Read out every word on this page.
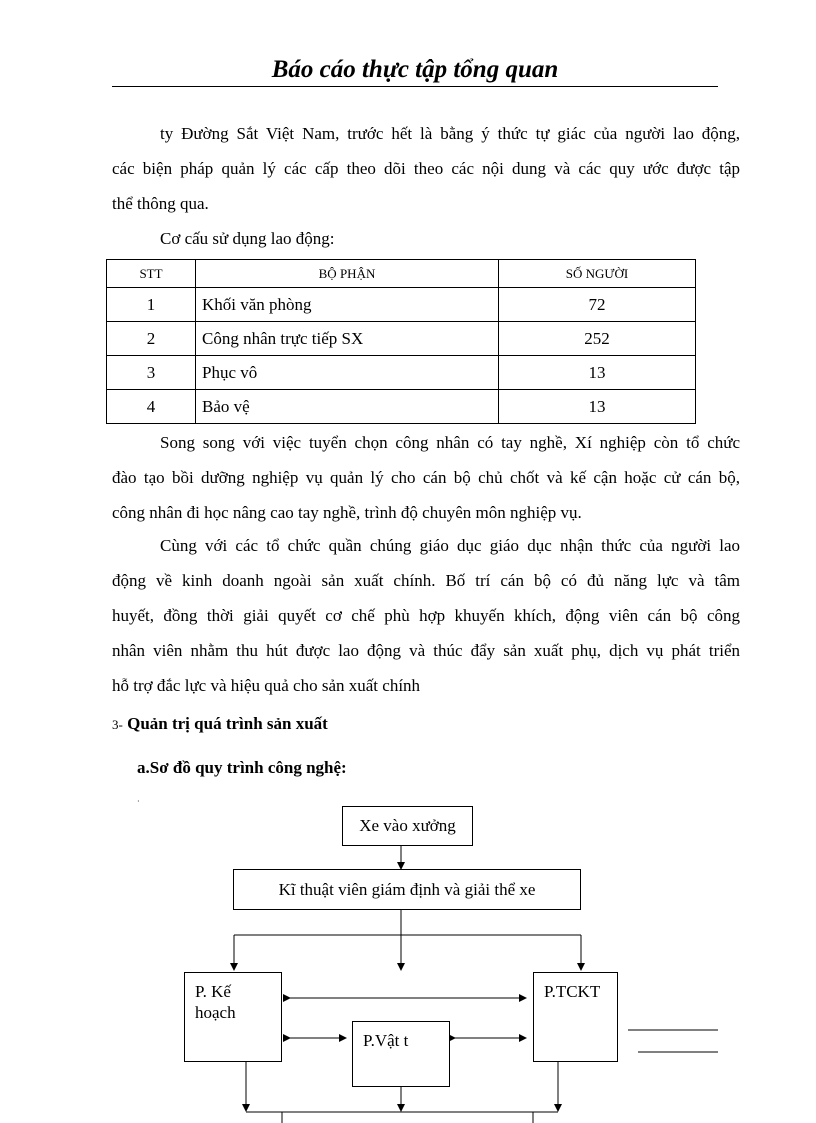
Báo cáo thực tập tổng quan
ty Đường Sắt Việt Nam, trước hết là bằng ý thức tự giác của người lao động,
các biện pháp quản lý các cấp theo dõi theo các nội dung và các quy ước được tập
thể thông qua.
Cơ cấu sử dụng lao động:
STT	BỘ PHẬN	SỐ NGƯỜI
1	Khối văn phòng	72
2	Công nhân trực tiếp SX	252
3	Phục vô	13
4	Bảo vệ	13
Song song với việc tuyển chọn công nhân có tay nghề, Xí nghiệp còn tổ chức
đào tạo bồi dưỡng nghiệp vụ quản lý cho cán bộ chủ chốt và kế cận hoặc cử cán bộ,
công nhân đi học nâng cao tay nghề, trình độ chuyên môn nghiệp vụ.
Cùng với các tổ chức quần chúng giáo dục giáo dục nhận thức của người lao
động về kinh doanh ngoài sản xuất chính. Bố trí cán bộ có đủ năng lực và tâm
huyết, đồng thời giải quyết cơ chế phù hợp khuyến khích, động viên cán bộ công
nhân viên nhằm thu hút được lao động và thúc đẩy sản xuất phụ, dịch vụ phát triển
hỗ trợ đắc lực và hiệu quả cho sản xuất chính
3- Quản trị quá trình sản xuất
a.Sơ đồ quy trình công nghệ:
·
Xe vào xưởng
Kĩ thuật viên giám định và giải thể xe
P. Kế
hoạch
P.TCKT
P.Vật t
